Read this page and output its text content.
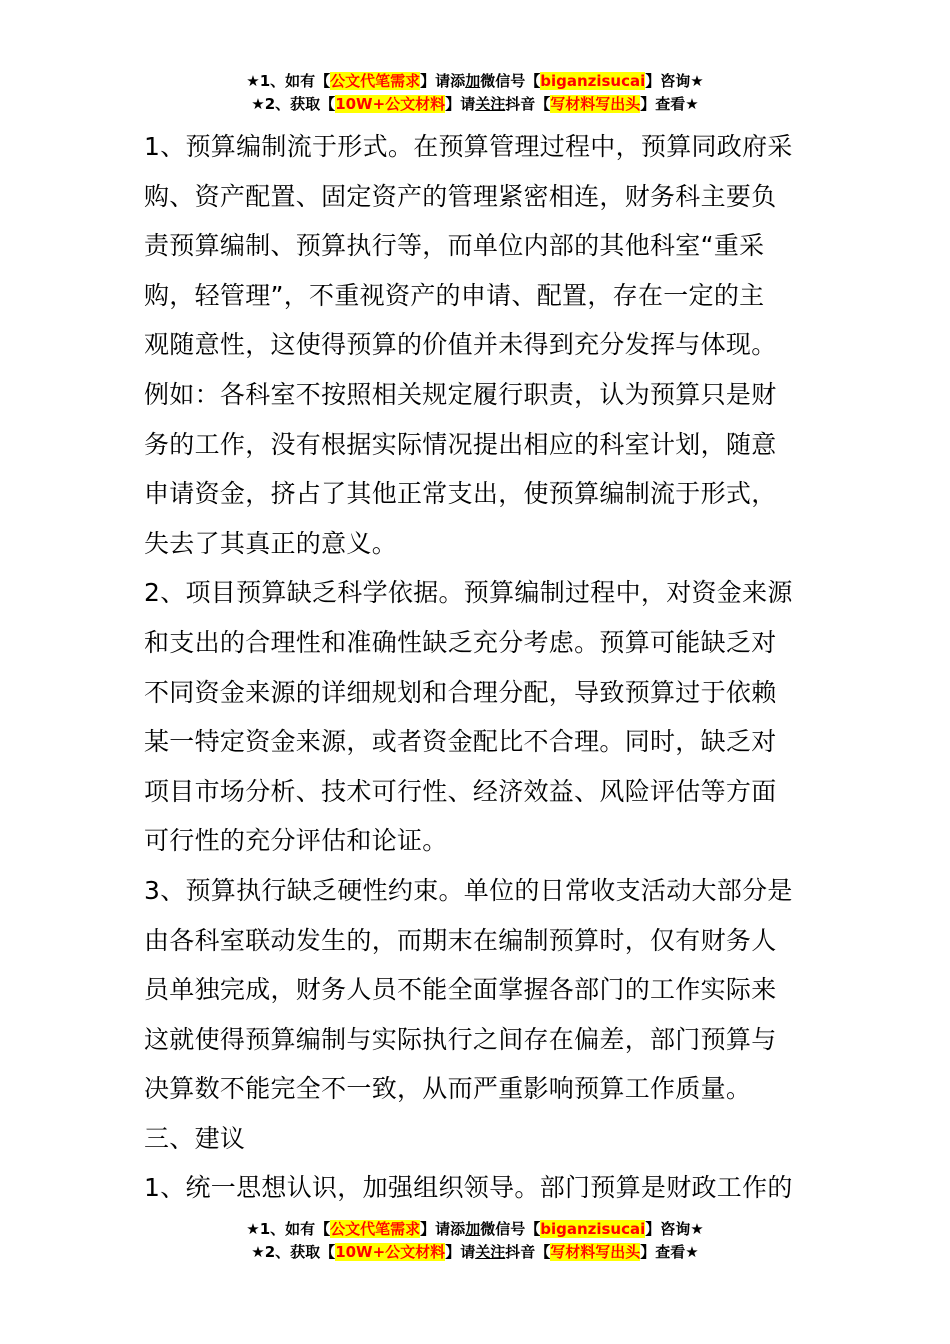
★1、如有【公文代笔需求】请添加微信号【biganzisucai】咨询★
★2、获取【10W+公文材料】请关注抖音【写材料写出头】查看★
1、预算编制流于形式。在预算管理过程中，预算同政府采
购、资产配置、固定资产的管理紧密相连，财务科主要负
责预算编制、预算执行等，而单位内部的其他科室“重采
购，轻管理”，不重视资产的申请、配置，存在一定的主
观随意性，这使得预算的价值并未得到充分发挥与体现。
例如：各科室不按照相关规定履行职责，认为预算只是财
务的工作，没有根据实际情况提出相应的科室计划，随意
申请资金，挤占了其他正常支出，使预算编制流于形式，
失去了其真正的意义。
2、项目预算缺乏科学依据。预算编制过程中，对资金来源
和支出的合理性和准确性缺乏充分考虑。预算可能缺乏对
不同资金来源的详细规划和合理分配，导致预算过于依赖
某一特定资金来源，或者资金配比不合理。同时，缺乏对
项目市场分析、技术可行性、经济效益、风险评估等方面
可行性的充分评估和论证。
3、预算执行缺乏硬性约束。单位的日常收支活动大部分是
由各科室联动发生的，而期末在编制预算时，仅有财务人
员单独完成，财务人员不能全面掌握各部门的工作实际来
这就使得预算编制与实际执行之间存在偏差，部门预算与
决算数不能完全不一致，从而严重影响预算工作质量。
三、建议
1、统一思想认识，加强组织领导。部门预算是财政工作的
★1、如有【公文代笔需求】请添加微信号【biganzisucai】咨询★
★2、获取【10W+公文材料】请关注抖音【写材料写出头】查看★
